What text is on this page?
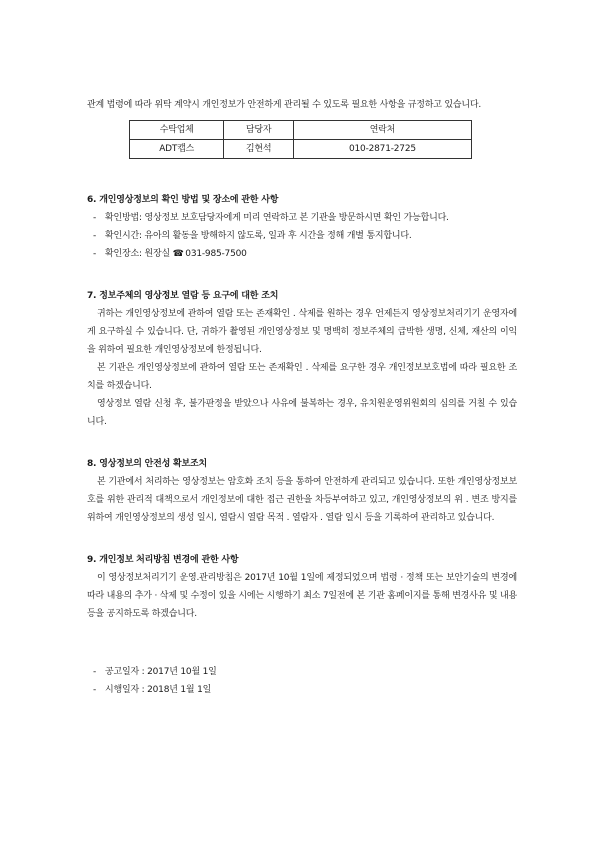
관계 법령에 따라 위탁 계약시 개인정보가 안전하게 관리될 수 있도록 필요한 사항을 규정하고 있습니다.

수탁업체	담당자	연락처
ADT캡스	김현석	010-2871-2725

6. 개인영상정보의 확인 방법 및 장소에 관한 사항

- 확인방법: 영상정보 보호담당자에게 미리 연락하고 본 기관을 방문하시면 확인 가능합니다.
- 확인시간: 유아의 활동을 방해하지 않도록, 일과 후 시간을 정해 개별 통지합니다.
- 확인장소: 원장실 ☎ 031-985-7500

7. 정보주체의 영상정보 열람 등 요구에 대한 조치

귀하는 개인영상정보에 관하여 열람 또는 존재확인 . 삭제를 원하는 경우 언제든지 영상정보처리기기 운영자에게 요구하실 수 있습니다. 단, 귀하가 촬영된 개인영상정보 및 명백히 정보주체의 급박한 생명, 신체, 재산의 이익을 위하여 필요한 개인영상정보에 한정됩니다.

본 기관은 개인영상정보에 관하여 열람 또는 존재확인 . 삭제를 요구한 경우 개인정보보호법에 따라 필요한 조치를 하겠습니다.

영상정보 열람 신청 후, 불가판정을 받았으나 사유에 불복하는 경우, 유치원운영위원회의 심의를 거칠 수 있습니다.

8. 영상정보의 안전성 확보조치

본 기관에서 처리하는 영상정보는 암호화 조치 등을 통하여 안전하게 관리되고 있습니다. 또한 개인영상정보보호를 위한 관리적 대책으로서 개인정보에 대한 접근 권한을 차등부여하고 있고, 개인영상정보의 위 . 변조 방지를 위하여 개인영상정보의 생성 일시, 열람시 열람 목적 . 열람자 . 열람 일시 등을 기록하여 관리하고 있습니다.

9. 개인정보 처리방침 변경에 관한 사항

이 영상정보처리기기 운영.관리방침은 2017년 10월 1일에 제정되었으며 법령 · 정책 또는 보안기술의 변경에 따라 내용의 추가 · 삭제 및 수정이 있을 시에는 시행하기 최소 7일전에 본 기관 홈페이지를 통해 변경사유 및 내용 등을 공지하도록 하겠습니다.

- 공고일자 : 2017년 10월 1일
- 시행일자 : 2018년 1월 1일
